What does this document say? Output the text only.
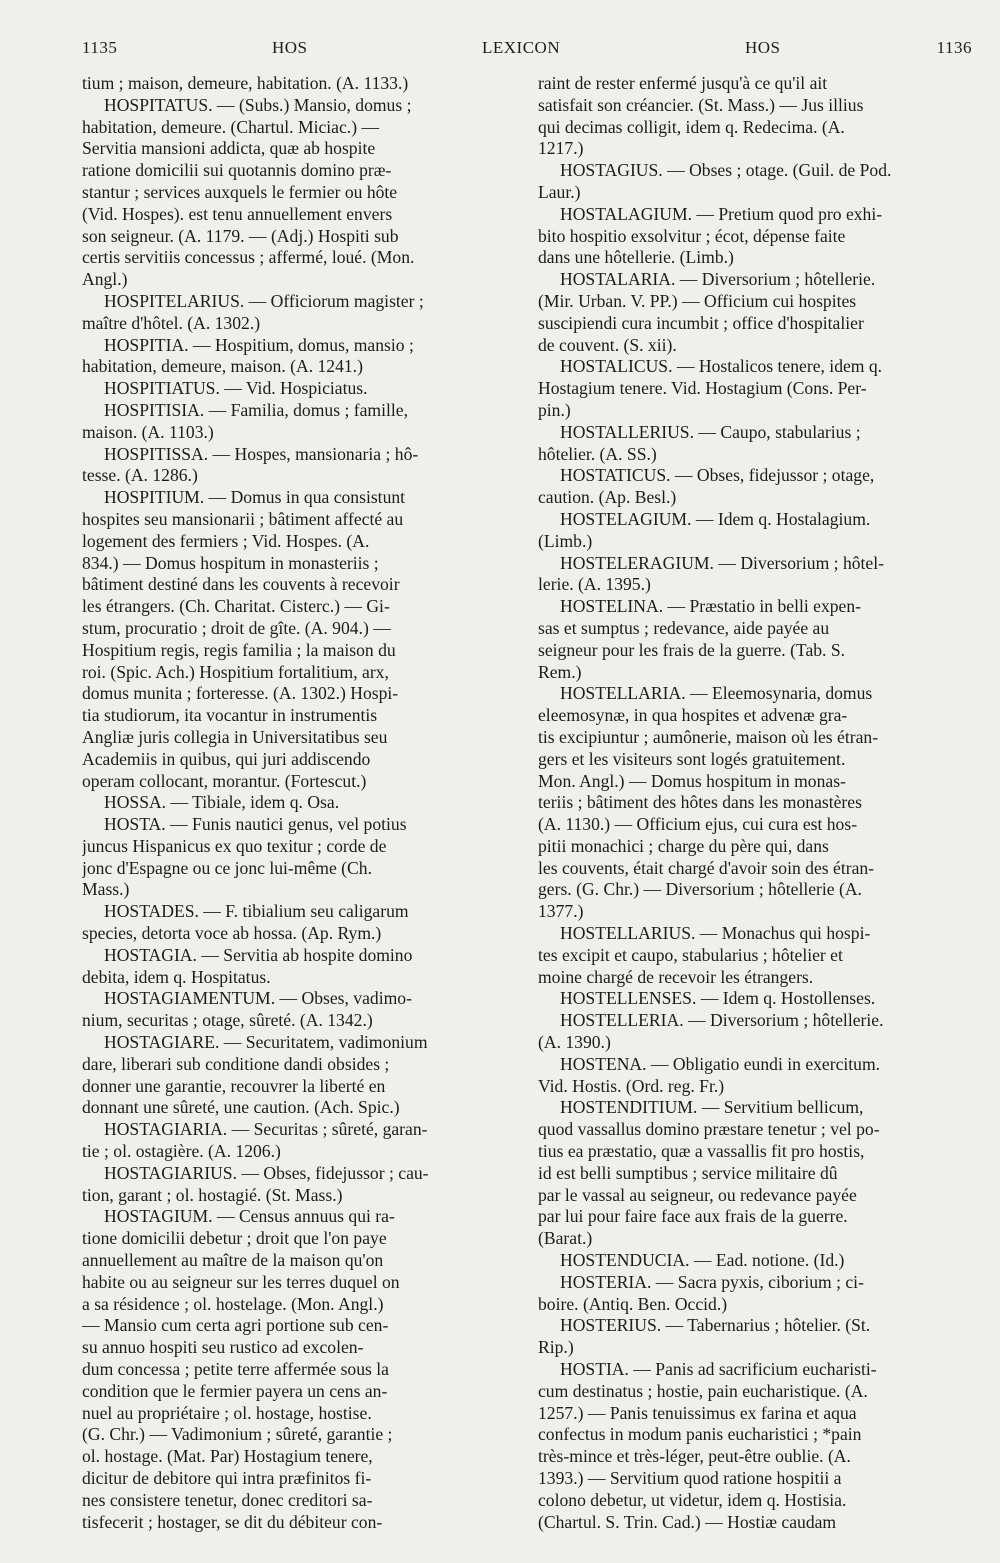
1135	HOS	LEXICON	HOS	1136
tium ; maison, demeure, habitation. (A. 1133.)
HOSPITATUS. — (Subs.) Mansio, domus ;
habitation, demeure. (Chartul. Miciac.) —
Servitia mansioni addicta, quæ ab hospite
ratione domicilii sui quotannis domino præ-
stantur ; services auxquels le fermier ou hôte
(Vid. Hospes). est tenu annuellement envers
son seigneur. (A. 1179. — (Adj.) Hospiti sub
certis servitiis concessus ; affermé, loué. (Mon.
Angl.)
HOSPITELARIUS. — Officiorum magister ;
maître d'hôtel. (A. 1302.)
HOSPITIA. — Hospitium, domus, mansio ;
habitation, demeure, maison. (A. 1241.)
HOSPITIATUS. — Vid. Hospiciatus.
HOSPITISIA. — Familia, domus ; famille,
maison. (A. 1103.)
HOSPITISSA. — Hospes, mansionaria ; hô-
tesse. (A. 1286.)
HOSPITIUM. — Domus in qua consistunt
hospites seu mansionarii ; bâtiment affecté au
logement des fermiers ; Vid. Hospes. (A.
834.) — Domus hospitum in monasteriis ;
bâtiment destiné dans les couvents à recevoir
les étrangers. (Ch. Charitat. Cisterc.) — Gi-
stum, procuratio ; droit de gîte. (A. 904.) —
Hospitium regis, regis familia ; la maison du
roi. (Spic. Ach.) Hospitium fortalitium, arx,
domus munita ; forteresse. (A. 1302.) Hospi-
tia studiorum, ita vocantur in instrumentis
Angliæ juris collegia in Universitatibus seu
Academiis in quibus, qui juri addiscendo
operam collocant, morantur. (Fortescut.)
HOSSA. — Tibiale, idem q. Osa.
HOSTA. — Funis nautici genus, vel potius
juncus Hispanicus ex quo texitur ; corde de
jonc d'Espagne ou ce jonc lui-même (Ch.
Mass.)
HOSTADES. — F. tibialium seu caligarum
species, detorta voce ab hossa. (Ap. Rym.)
HOSTAGIA. — Servitia ab hospite domino
debita, idem q. Hospitatus.
HOSTAGIAMENTUM. — Obses, vadimo-
nium, securitas ; otage, sûreté. (A. 1342.)
HOSTAGIARE. — Securitatem, vadimonium
dare, liberari sub conditione dandi obsides ;
donner une garantie, recouvrer la liberté en
donnant une sûreté, une caution. (Ach. Spic.)
HOSTAGIARIA. — Securitas ; sûreté, garan-
tie ; ol. ostagière. (A. 1206.)
HOSTAGIARIUS. — Obses, fidejussor ; cau-
tion, garant ; ol. hostagié. (St. Mass.)
HOSTAGIUM. — Census annuus qui ra-
tione domicilii debetur ; droit que l'on paye
annuellement au maître de la maison qu'on
habite ou au seigneur sur les terres duquel on
a sa résidence ; ol. hostelage. (Mon. Angl.)
— Mansio cum certa agri portione sub cen-
su annuo hospiti seu rustico ad excolen-
dum concessa ; petite terre affermée sous la
condition que le fermier payera un cens an-
nuel au propriétaire ; ol. hostage, hostise.
(G. Chr.) — Vadimonium ; sûreté, garantie ;
ol. hostage. (Mat. Par) Hostagium tenere,
dicitur de debitore qui intra præfinitos fi-
nes consistere tenetur, donec creditori sa-
tisfecerit ; hostager, se dit du débiteur con-
raint de rester enfermé jusqu'à ce qu'il ait
satisfait son créancier. (St. Mass.) — Jus illius
qui decimas colligit, idem q. Redecima. (A.
1217.)
HOSTAGIUS. — Obses ; otage. (Guil. de Pod.
Laur.)
HOSTALAGIUM. — Pretium quod pro exhi-
bito hospitio exsolvitur ; écot, dépense faite
dans une hôtellerie. (Limb.)
HOSTALARIA. — Diversorium ; hôtellerie.
(Mir. Urban. V. PP.) — Officium cui hospites
suscipiendi cura incumbit ; office d'hospitalier
de couvent. (S. xii).
HOSTALICUS. — Hostalicos tenere, idem q.
Hostagium tenere. Vid. Hostagium (Cons. Per-
pin.)
HOSTALLERIUS. — Caupo, stabularius ;
hôtelier. (A. SS.)
HOSTATICUS. — Obses, fidejussor ; otage,
caution. (Ap. Besl.)
HOSTELAGIUM. — Idem q. Hostalagium.
(Limb.)
HOSTELERAGIUM. — Diversorium ; hôtel-
lerie. (A. 1395.)
HOSTELINA. — Præstatio in belli expen-
sas et sumptus ; redevance, aide payée au
seigneur pour les frais de la guerre. (Tab. S.
Rem.)
HOSTELLARIA. — Eleemosynaria, domus
eleemosynæ, in qua hospites et advenæ gra-
tis excipiuntur ; aumônerie, maison où les étran-
gers et les visiteurs sont logés gratuitement.
Mon. Angl.) — Domus hospitum in monas-
teriis ; bâtiment des hôtes dans les monastères
(A. 1130.) — Officium ejus, cui cura est hos-
pitii monachici ; charge du père qui, dans
les couvents, était chargé d'avoir soin des étran-
gers. (G. Chr.) — Diversorium ; hôtellerie (A.
1377.)
HOSTELLARIUS. — Monachus qui hospi-
tes excipit et caupo, stabularius ; hôtelier et
moine chargé de recevoir les étrangers.
HOSTELLENSES. — Idem q. Hostollenses.
HOSTELLERIA. — Diversorium ; hôtellerie.
(A. 1390.)
HOSTENA. — Obligatio eundi in exercitum.
Vid. Hostis. (Ord. reg. Fr.)
HOSTENDITIUM. — Servitium bellicum,
quod vassallus domino præstare tenetur ; vel po-
tius ea præstatio, quæ a vassallis fit pro hostis,
id est belli sumptibus ; service militaire dû
par le vassal au seigneur, ou redevance payée
par lui pour faire face aux frais de la guerre.
(Barat.)
HOSTENDUCIA. — Ead. notione. (Id.)
HOSTERIA. — Sacra pyxis, ciborium ; ci-
boire. (Antiq. Ben. Occid.)
HOSTERIUS. — Tabernarius ; hôtelier. (St.
Rip.)
HOSTIA. — Panis ad sacrificium eucharisti-
cum destinatus ; hostie, pain eucharistique. (A.
1257.) — Panis tenuissimus ex farina et aqua
confectus in modum panis eucharistici ; *pain
très-mince et très-léger, peut-être oublie. (A.
1393.) — Servitium quod ratione hospitii a
colono debetur, ut videtur, idem q. Hostisia.
(Chartul. S. Trin. Cad.) — Hostiæ caudam
